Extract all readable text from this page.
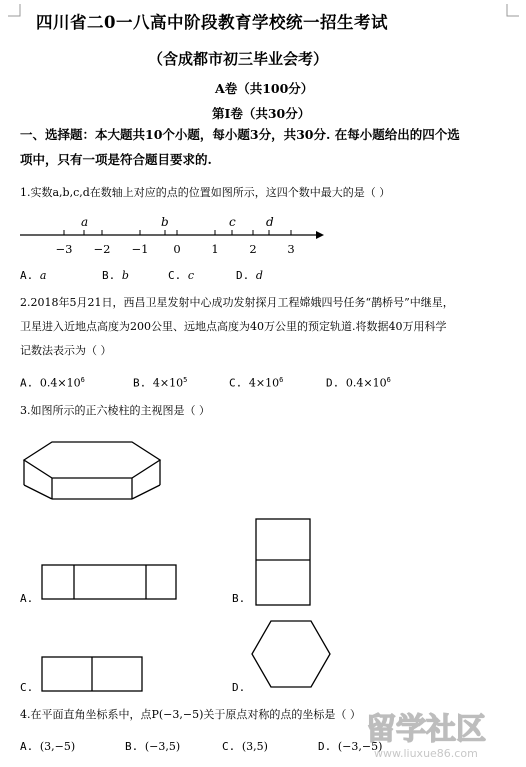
四川省二0一八高中阶段教育学校统一招生考试
（含成都市初三毕业会考）
A卷（共100分）
第Ⅰ卷（共30分）
一、选择题：本大题共10个小题，每小题3分，共30分. 在每小题给出的四个选
项中，只有一项是符合题目要求的.
1.实数a,b,c,d在数轴上对应的点的位置如图所示，这四个数中最大的是（ ）
a	b	c	d
−3 −2 −1 0	1	2	3
A. a	B. b	C. c	D. d
2.2018年5月21日，西昌卫星发射中心成功发射探月工程嫦娥四号任务“鹊桥号”中继星，
卫星进入近地点高度为200公里、远地点高度为40万公里的预定轨道.将数据40万用科学
记数法表示为（ ）
A. $0.4\times 10^6$	B. $4\times 10^5$	C. $4\times 10^6$	D. $0.4\times 10^6$
3.如图所示的正六棱柱的主视图是（ ）
A.	B.
C.	D.
4.在平面直角坐标系中，点P(−3,−5)关于原点对称的点的坐标是（ ）
A. (3,−5)	B. (−3,5)	C. (3,5)	D. (−3,−5)
留学社区
www.liuxue86.com
